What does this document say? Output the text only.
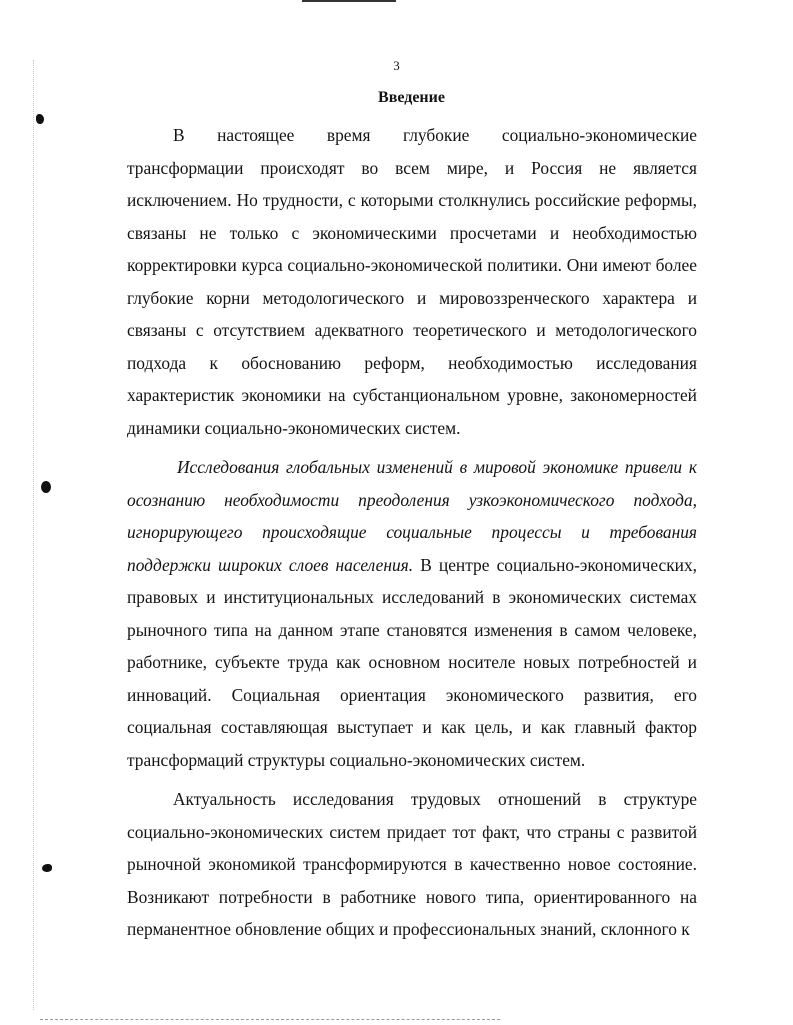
3
Введение

В настоящее время глубокие социально-экономические трансформации происходят во всем мире, и Россия не является исключением. Но трудности, с которыми столкнулись российские реформы, связаны не только с экономическими просчетами и необходимостью корректировки курса социально-экономической политики. Они имеют более глубокие корни методологического и мировоззренческого характера и связаны с отсутствием адекватного теоретического и методологического подхода к обоснованию реформ, необходимостью исследования характеристик экономики на субстанциональном уровне, закономерностей динамики социально-экономических систем.

Исследования глобальных изменений в мировой экономике привели к осознанию необходимости преодоления узкоэкономического подхода, игнорирующего происходящие социальные процессы и требования поддержки широких слоев населения. В центре социально-экономических, правовых и институциональных исследований в экономических системах рыночного типа на данном этапе становятся изменения в самом человеке, работнике, субъекте труда как основном носителе новых потребностей и инноваций. Социальная ориентация экономического развития, его социальная составляющая выступает и как цель, и как главный фактор трансформаций структуры социально-экономических систем.

Актуальность исследования трудовых отношений в структуре социально-экономических систем придает тот факт, что страны с развитой рыночной экономикой трансформируются в качественно новое состояние. Возникают потребности в работнике нового типа, ориентированного на перманентное обновление общих и профессиональных знаний, склонного к
